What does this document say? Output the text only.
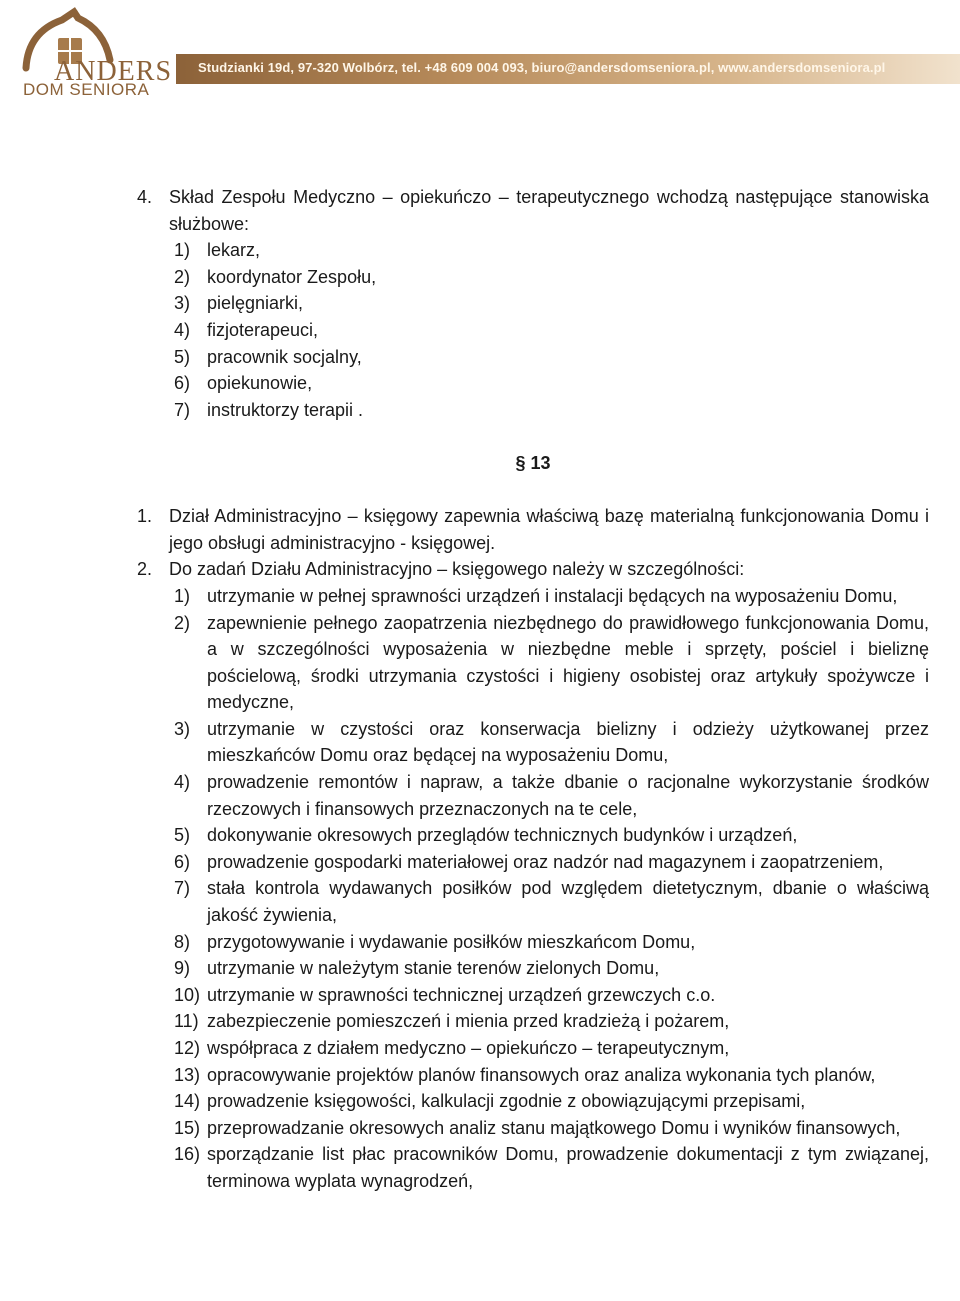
ANDERS
DOM SENIORA
Studzianki 19d, 97-320 Wolbórz, tel. +48 609 004 093, biuro@andersdomseniora.pl, www.andersdomseniora.pl
4. Skład Zespołu Medyczno – opiekuńczo – terapeutycznego wchodzą następujące stanowiska służbowe:
1) lekarz,
2) koordynator Zespołu,
3) pielęgniarki,
4) fizjoterapeuci,
5) pracownik socjalny,
6) opiekunowie,
7) instruktorzy terapii .
§ 13
1. Dział Administracyjno – księgowy zapewnia właściwą bazę materialną funkcjonowania Domu i jego obsługi administracyjno - księgowej.
2. Do zadań Działu Administracyjno – księgowego należy w szczególności:
1) utrzymanie w pełnej sprawności urządzeń i instalacji będących na wyposażeniu Domu,
2) zapewnienie pełnego zaopatrzenia niezbędnego do prawidłowego funkcjonowania Domu, a w szczególności wyposażenia w niezbędne meble i sprzęty, pościel i bieliznę pościelową, środki utrzymania czystości i higieny osobistej oraz artykuły spożywcze i medyczne,
3) utrzymanie w czystości oraz konserwacja bielizny i odzieży użytkowanej przez mieszkańców Domu oraz będącej na wyposażeniu Domu,
4) prowadzenie remontów i napraw, a także dbanie o racjonalne wykorzystanie środków rzeczowych i finansowych przeznaczonych na te cele,
5) dokonywanie okresowych przeglądów technicznych budynków i urządzeń,
6) prowadzenie gospodarki materiałowej oraz nadzór nad magazynem i zaopatrzeniem,
7) stała kontrola wydawanych posiłków pod względem dietetycznym, dbanie o właściwą jakość żywienia,
8) przygotowywanie i wydawanie posiłków mieszkańcom Domu,
9) utrzymanie w należytym stanie terenów zielonych Domu,
10) utrzymanie w sprawności technicznej urządzeń grzewczych c.o.
11) zabezpieczenie pomieszczeń i mienia przed kradzieżą i pożarem,
12) współpraca z działem medyczno – opiekuńczo – terapeutycznym,
13) opracowywanie projektów planów finansowych oraz analiza wykonania tych planów,
14) prowadzenie księgowości, kalkulacji zgodnie z obowiązującymi przepisami,
15) przeprowadzanie okresowych analiz stanu majątkowego Domu i wyników finansowych,
16) sporządzanie list płac pracowników Domu, prowadzenie dokumentacji z tym związanej, terminowa wyplata wynagrodzeń,
